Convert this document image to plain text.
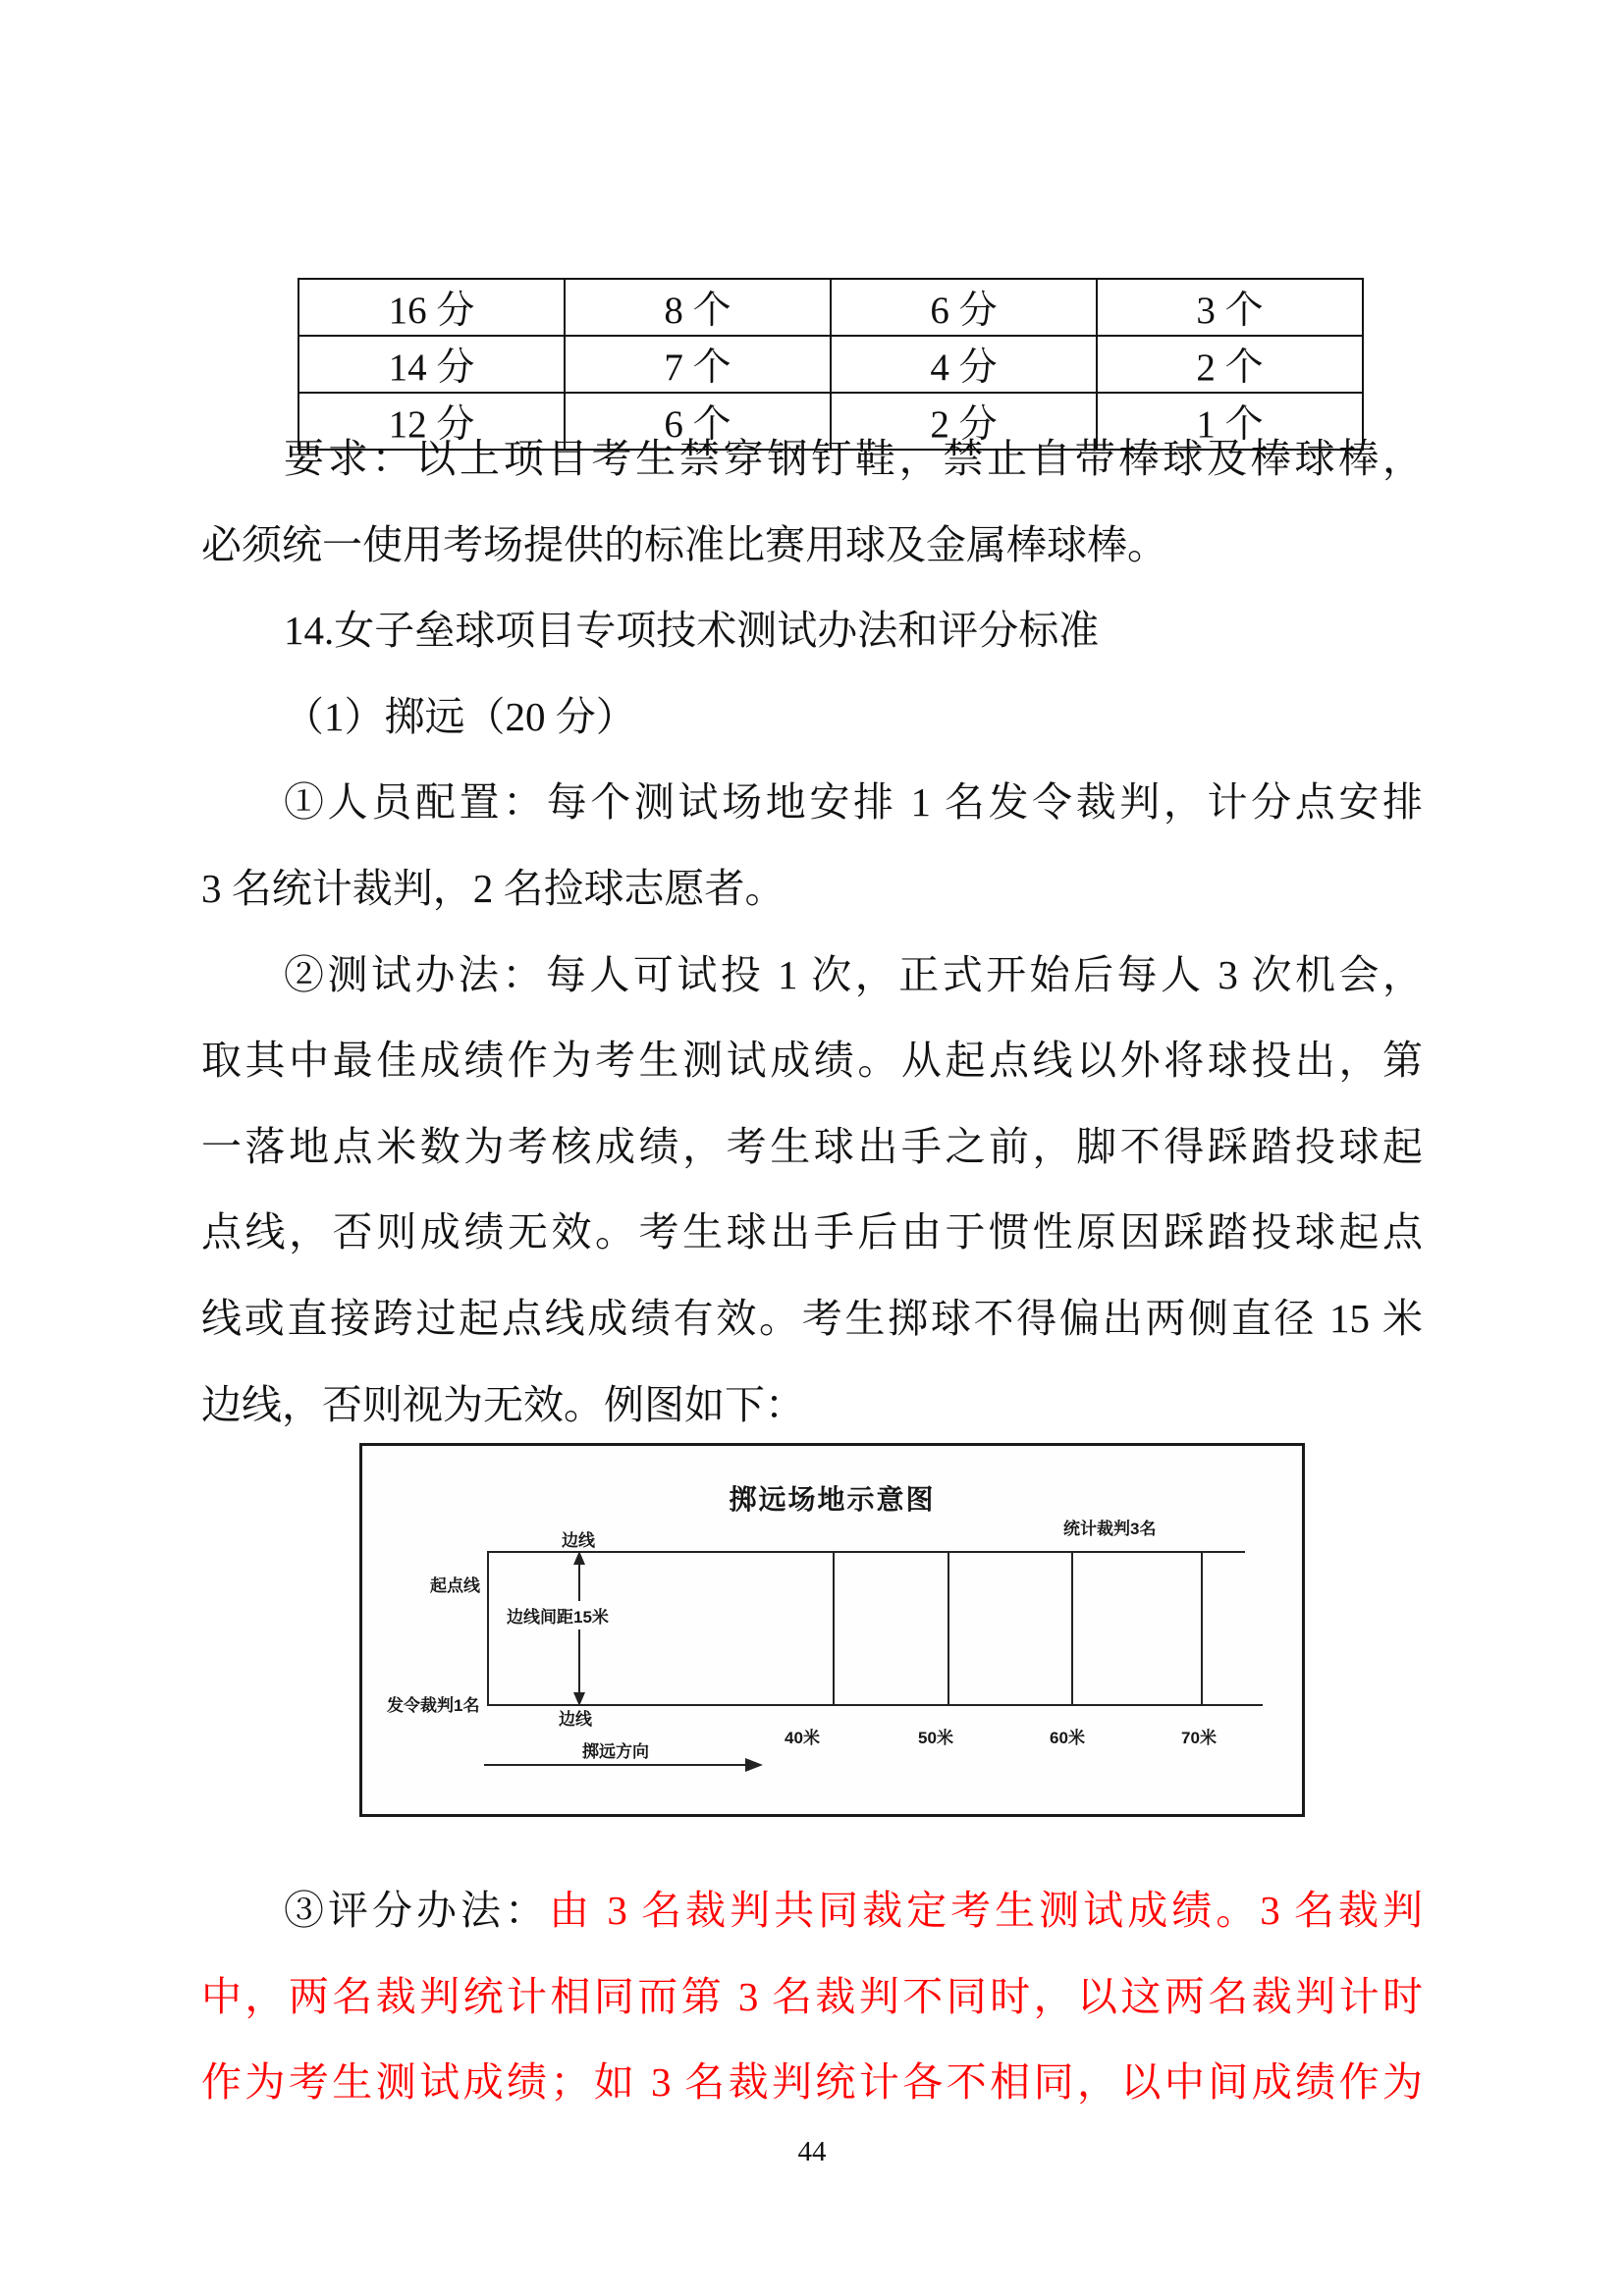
16 分	8 个	6 分	3 个
14 分	7 个	4 分	2 个
12 分	6 个	2 分	1 个
要求：以上项目考生禁穿钢钉鞋，禁止自带棒球及棒球棒，
必须统一使用考场提供的标准比赛用球及金属棒球棒。
14.女子垒球项目专项技术测试办法和评分标准
（1）掷远（20 分）
①人员配置：每个测试场地安排 1 名发令裁判，计分点安排
3 名统计裁判，2 名捡球志愿者。
②测试办法：每人可试投 1 次，正式开始后每人 3 次机会，
取其中最佳成绩作为考生测试成绩。从起点线以外将球投出，第
一落地点米数为考核成绩，考生球出手之前，脚不得踩踏投球起
点线，否则成绩无效。考生球出手后由于惯性原因踩踏投球起点
线或直接跨过起点线成绩有效。考生掷球不得偏出两侧直径 15 米
边线，否则视为无效。例图如下：
掷远场地示意图
统计裁判3名
边线
起点线
发令裁判1名
边线
边线间距15米
40米	50米	60米	70米
掷远方向
③评分办法：由 3 名裁判共同裁定考生测试成绩。3 名裁判
中，两名裁判统计相同而第 3 名裁判不同时，以这两名裁判计时
作为考生测试成绩；如 3 名裁判统计各不相同，以中间成绩作为
44
